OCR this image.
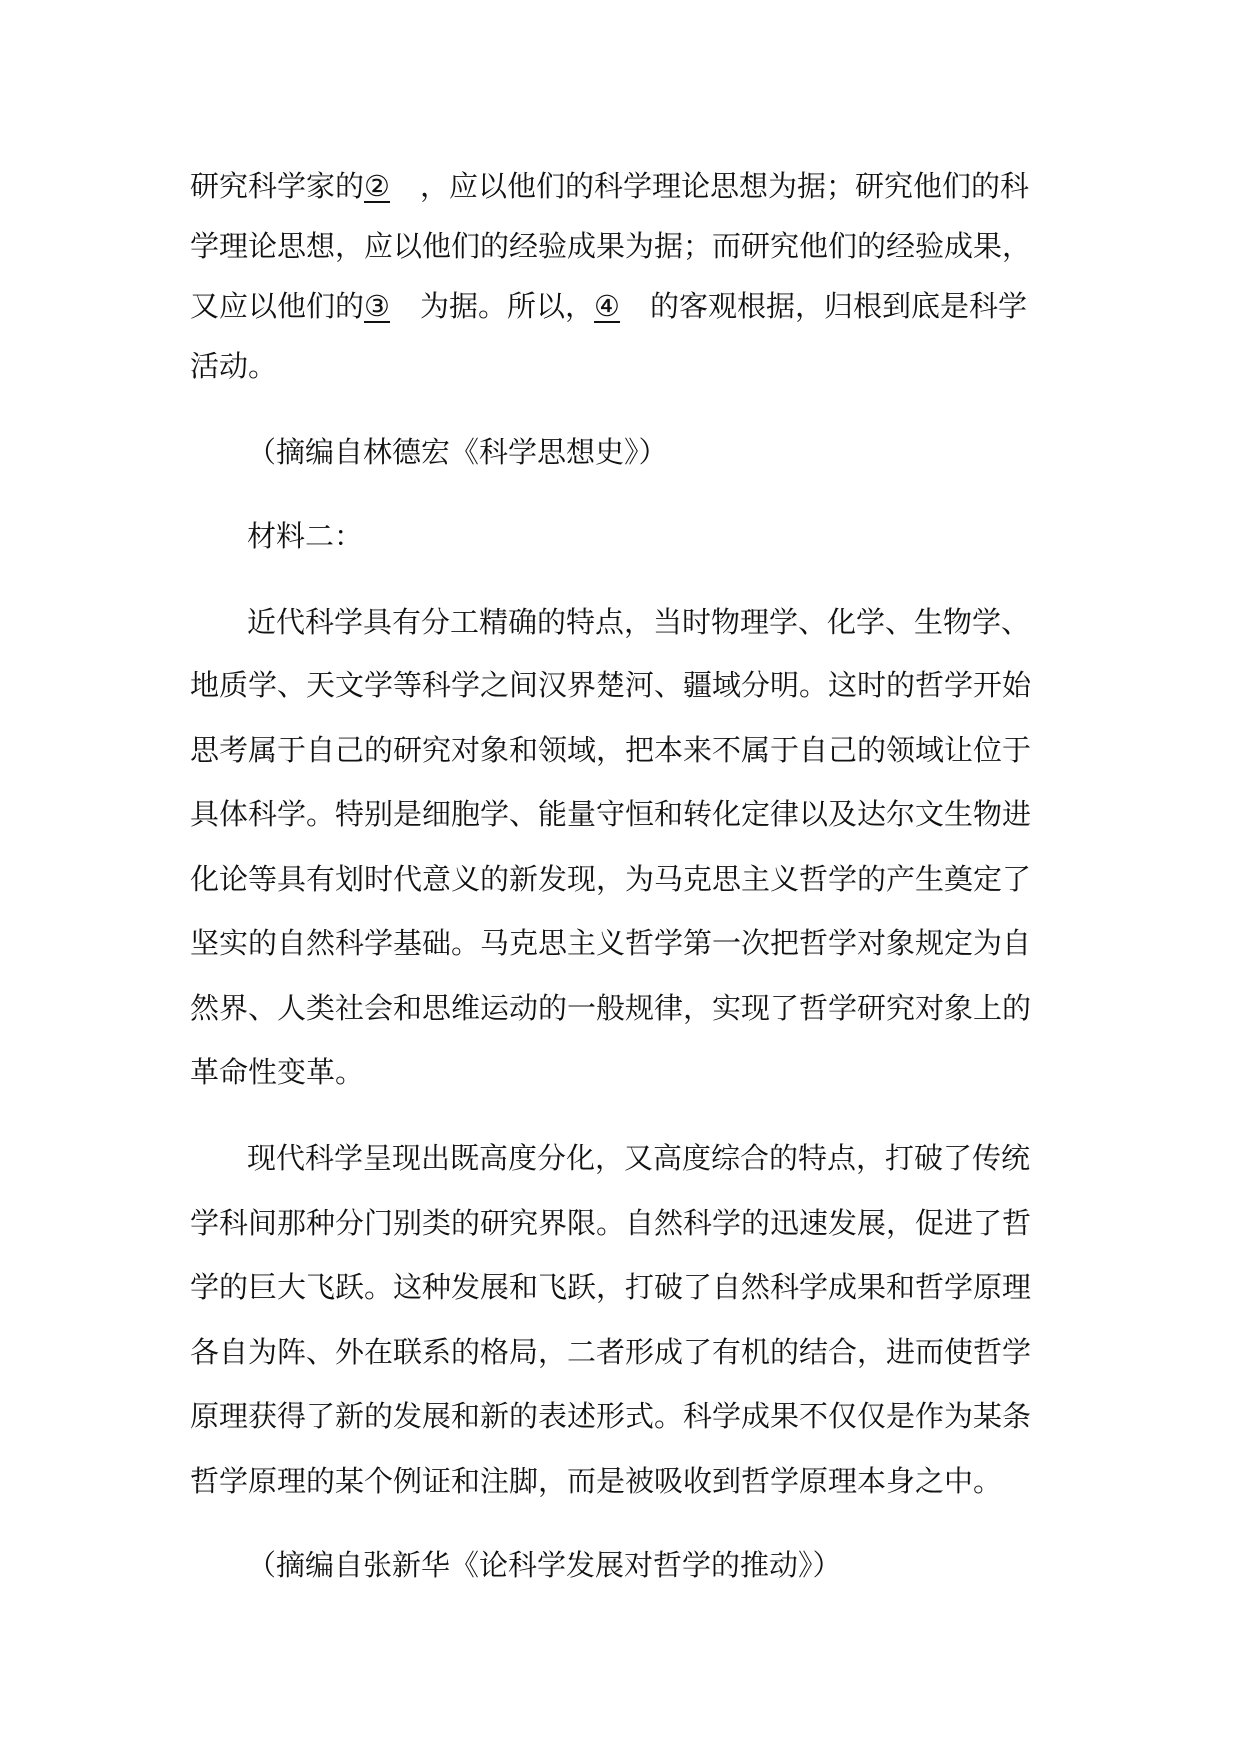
研究科学家的② ，应以他们的科学理论思想为据；研究他们的科
学理论思想，应以他们的经验成果为据；而研究他们的经验成果，
又应以他们的③ 为据。所以，④ 的客观根据，归根到底是科学
活动。
（摘编自林德宏《科学思想史》）
材料二：
近代科学具有分工精确的特点，当时物理学、化学、生物学、
地质学、天文学等科学之间汉界楚河、疆域分明。这时的哲学开始
思考属于自己的研究对象和领域，把本来不属于自己的领域让位于
具体科学。特别是细胞学、能量守恒和转化定律以及达尔文生物进
化论等具有划时代意义的新发现，为马克思主义哲学的产生奠定了
坚实的自然科学基础。马克思主义哲学第一次把哲学对象规定为自
然界、人类社会和思维运动的一般规律，实现了哲学研究对象上的
革命性变革。
现代科学呈现出既高度分化，又高度综合的特点，打破了传统
学科间那种分门别类的研究界限。自然科学的迅速发展，促进了哲
学的巨大飞跃。这种发展和飞跃，打破了自然科学成果和哲学原理
各自为阵、外在联系的格局，二者形成了有机的结合，进而使哲学
原理获得了新的发展和新的表述形式。科学成果不仅仅是作为某条
哲学原理的某个例证和注脚，而是被吸收到哲学原理本身之中。
（摘编自张新华《论科学发展对哲学的推动》）
